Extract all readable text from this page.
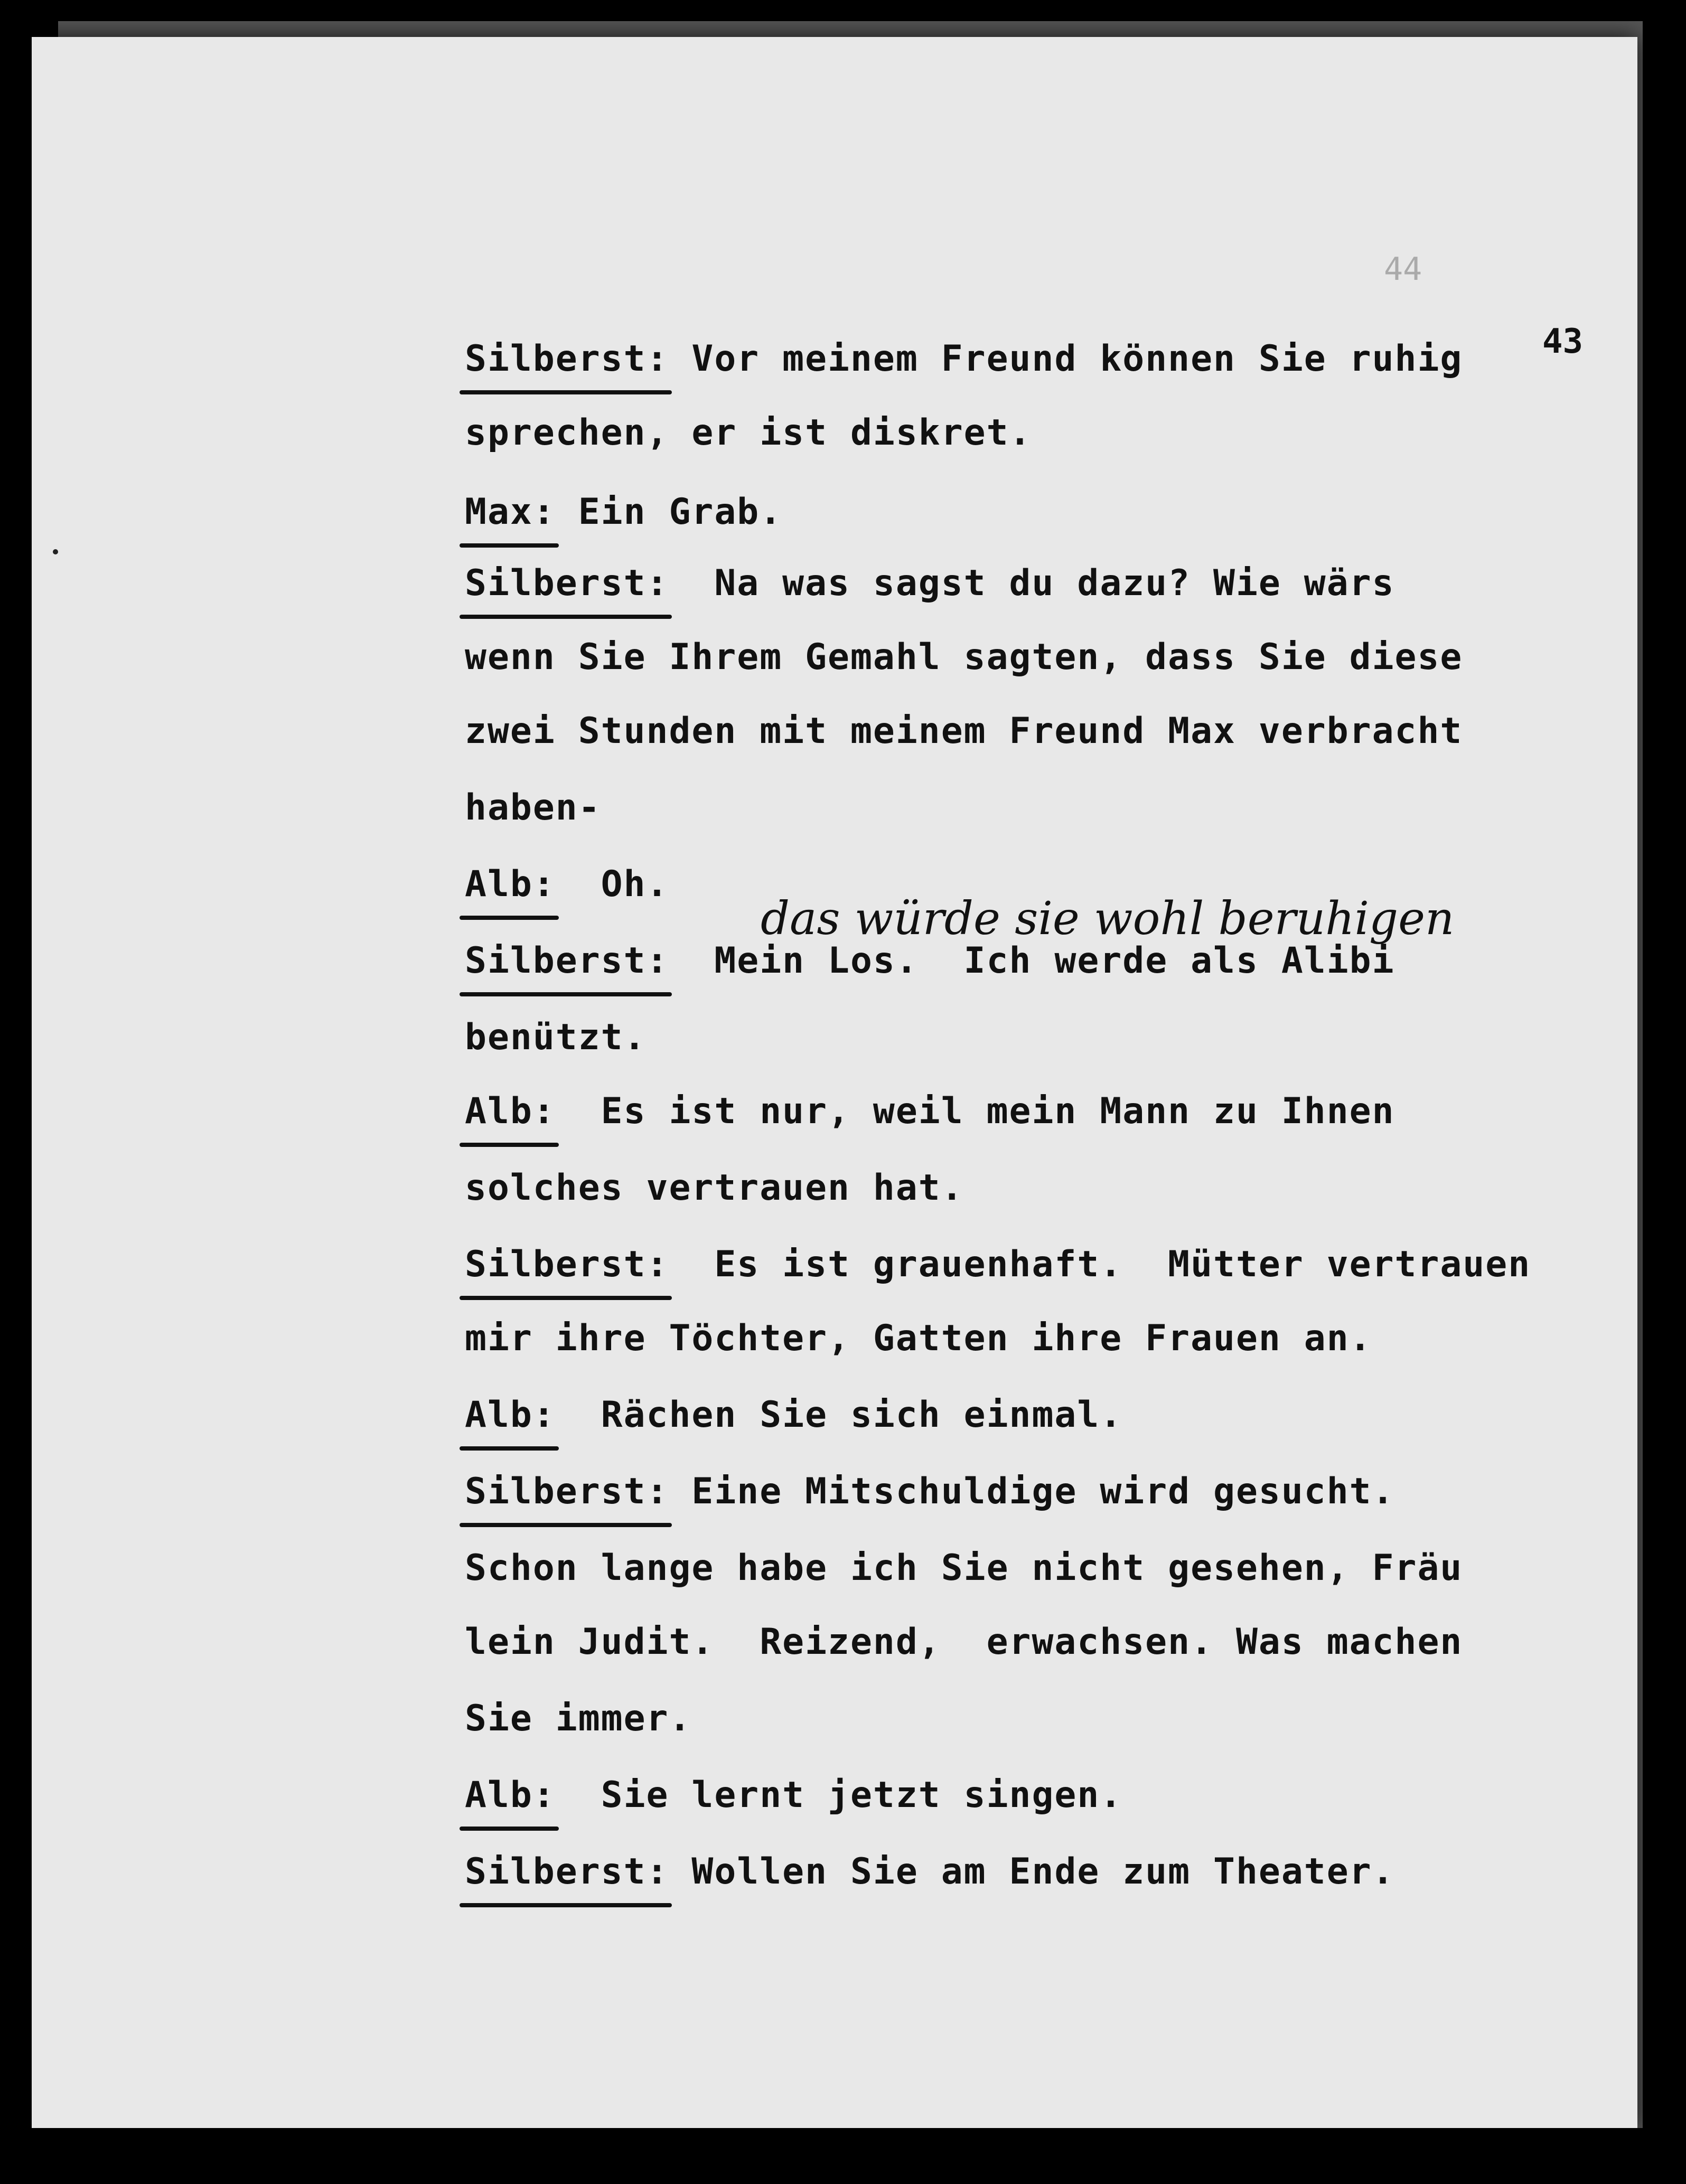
44
43
das würde sie wohl beruhigen
Silberst:
Vor meinem Freund können Sie ruhig
sprechen, er ist diskret.
Max:
Ein Grab.
Silberst:
Na was sagst du dazu? Wie wärs
wenn Sie Ihrem Gemahl sagten, dass Sie diese
zwei Stunden mit meinem Freund Max verbracht
haben-
Alb:
Oh.
Silberst:
Mein Los.  Ich werde als Alibi
benützt.
Alb:
Es ist nur, weil mein Mann zu Ihnen
solches vertrauen hat.
Silberst:
Es ist grauenhaft.  Mütter vertrauen
mir ihre Töchter, Gatten ihre Frauen an.
Alb:
Rächen Sie sich einmal.
Silberst:
Eine Mitschuldige wird gesucht.
Schon lange habe ich Sie nicht gesehen, Fräu
lein Judit.  Reizend,  erwachsen. Was machen
Sie immer.
Alb:
Sie lernt jetzt singen.
Silberst:
Wollen Sie am Ende zum Theater.
